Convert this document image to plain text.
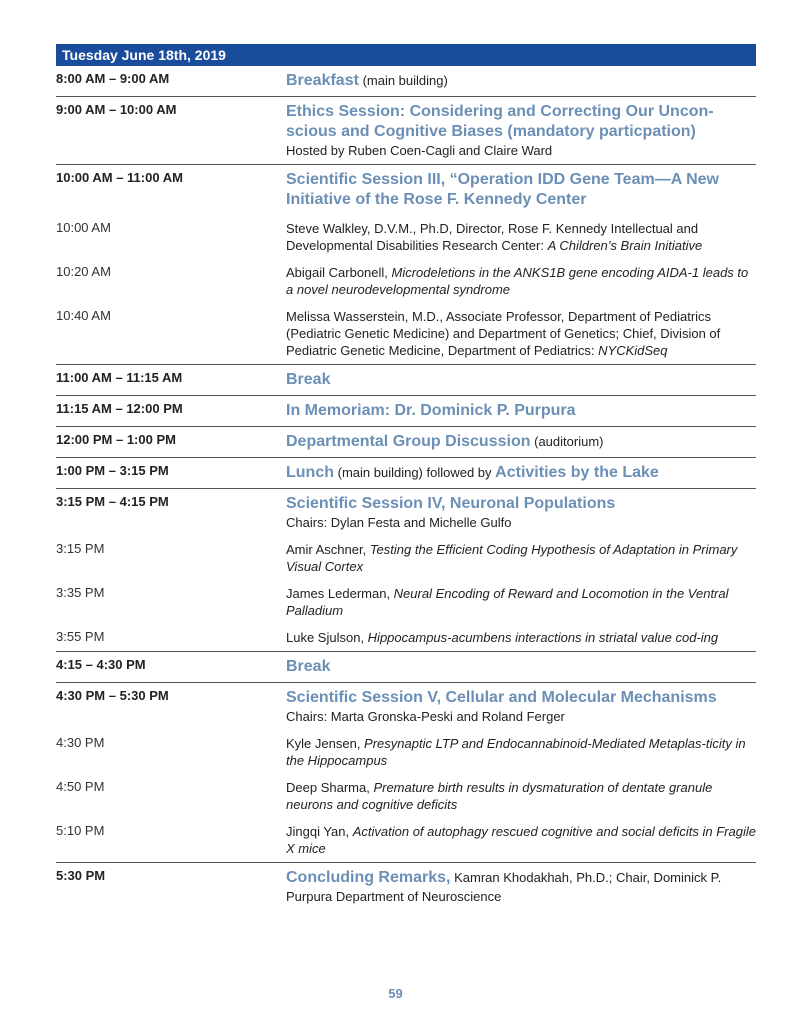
Tuesday June 18th, 2019
8:00 AM – 9:00 AM	Breakfast (main building)
9:00 AM – 10:00 AM	Ethics Session: Considering and Correcting Our Uncon-
scious and Cognitive Biases (mandatory particpation)
Hosted by Ruben Coen-Cagli and Claire Ward
10:00 AM – 11:00 AM	Scientific Session III, “Operation IDD Gene Team—A New
Initiative of the Rose F. Kennedy Center
10:00 AM	Steve Walkley, D.V.M., Ph.D, Director, Rose F. Kennedy Intellectual and Developmental Disabilities Research Center: A Children’s Brain Initiative
10:20 AM	Abigail Carbonell, Microdeletions in the ANKS1B gene encoding AIDA-1 leads to a novel neurodevelopmental syndrome
10:40 AM	Melissa Wasserstein, M.D., Associate Professor, Department of Pediatrics (Pediatric Genetic Medicine) and Department of Genetics; Chief, Division of Pediatric Genetic Medicine, Department of Pediatrics: NYCKidSeq
11:00 AM – 11:15 AM	Break
11:15 AM – 12:00 PM	In Memoriam: Dr. Dominick P. Purpura
12:00 PM – 1:00 PM	Departmental Group Discussion (auditorium)
1:00 PM – 3:15 PM	Lunch (main building) followed by Activities by the Lake
3:15 PM – 4:15 PM	Scientific Session IV, Neuronal Populations
Chairs: Dylan Festa and Michelle Gulfo
3:15 PM	Amir Aschner, Testing the Efficient Coding Hypothesis of Adaptation in Primary Visual Cortex
3:35 PM	James Lederman, Neural Encoding of Reward and Locomotion in the Ventral Palladium
3:55 PM	Luke Sjulson, Hippocampus-acumbens interactions in striatal value cod-ing
4:15 – 4:30 PM	Break
4:30 PM – 5:30 PM	Scientific Session V, Cellular and Molecular Mechanisms
Chairs: Marta Gronska-Peski and Roland Ferger
4:30 PM	Kyle Jensen, Presynaptic LTP and Endocannabinoid-Mediated Metaplas-ticity in the Hippocampus
4:50 PM	Deep Sharma, Premature birth results in dysmaturation of dentate granule neurons and cognitive deficits
5:10 PM	Jingqi Yan, Activation of autophagy rescued cognitive and social deficits in Fragile X mice
5:30 PM	Concluding Remarks, Kamran Khodakhah, Ph.D.; Chair, Dominick P. Purpura Department of Neuroscience
59
